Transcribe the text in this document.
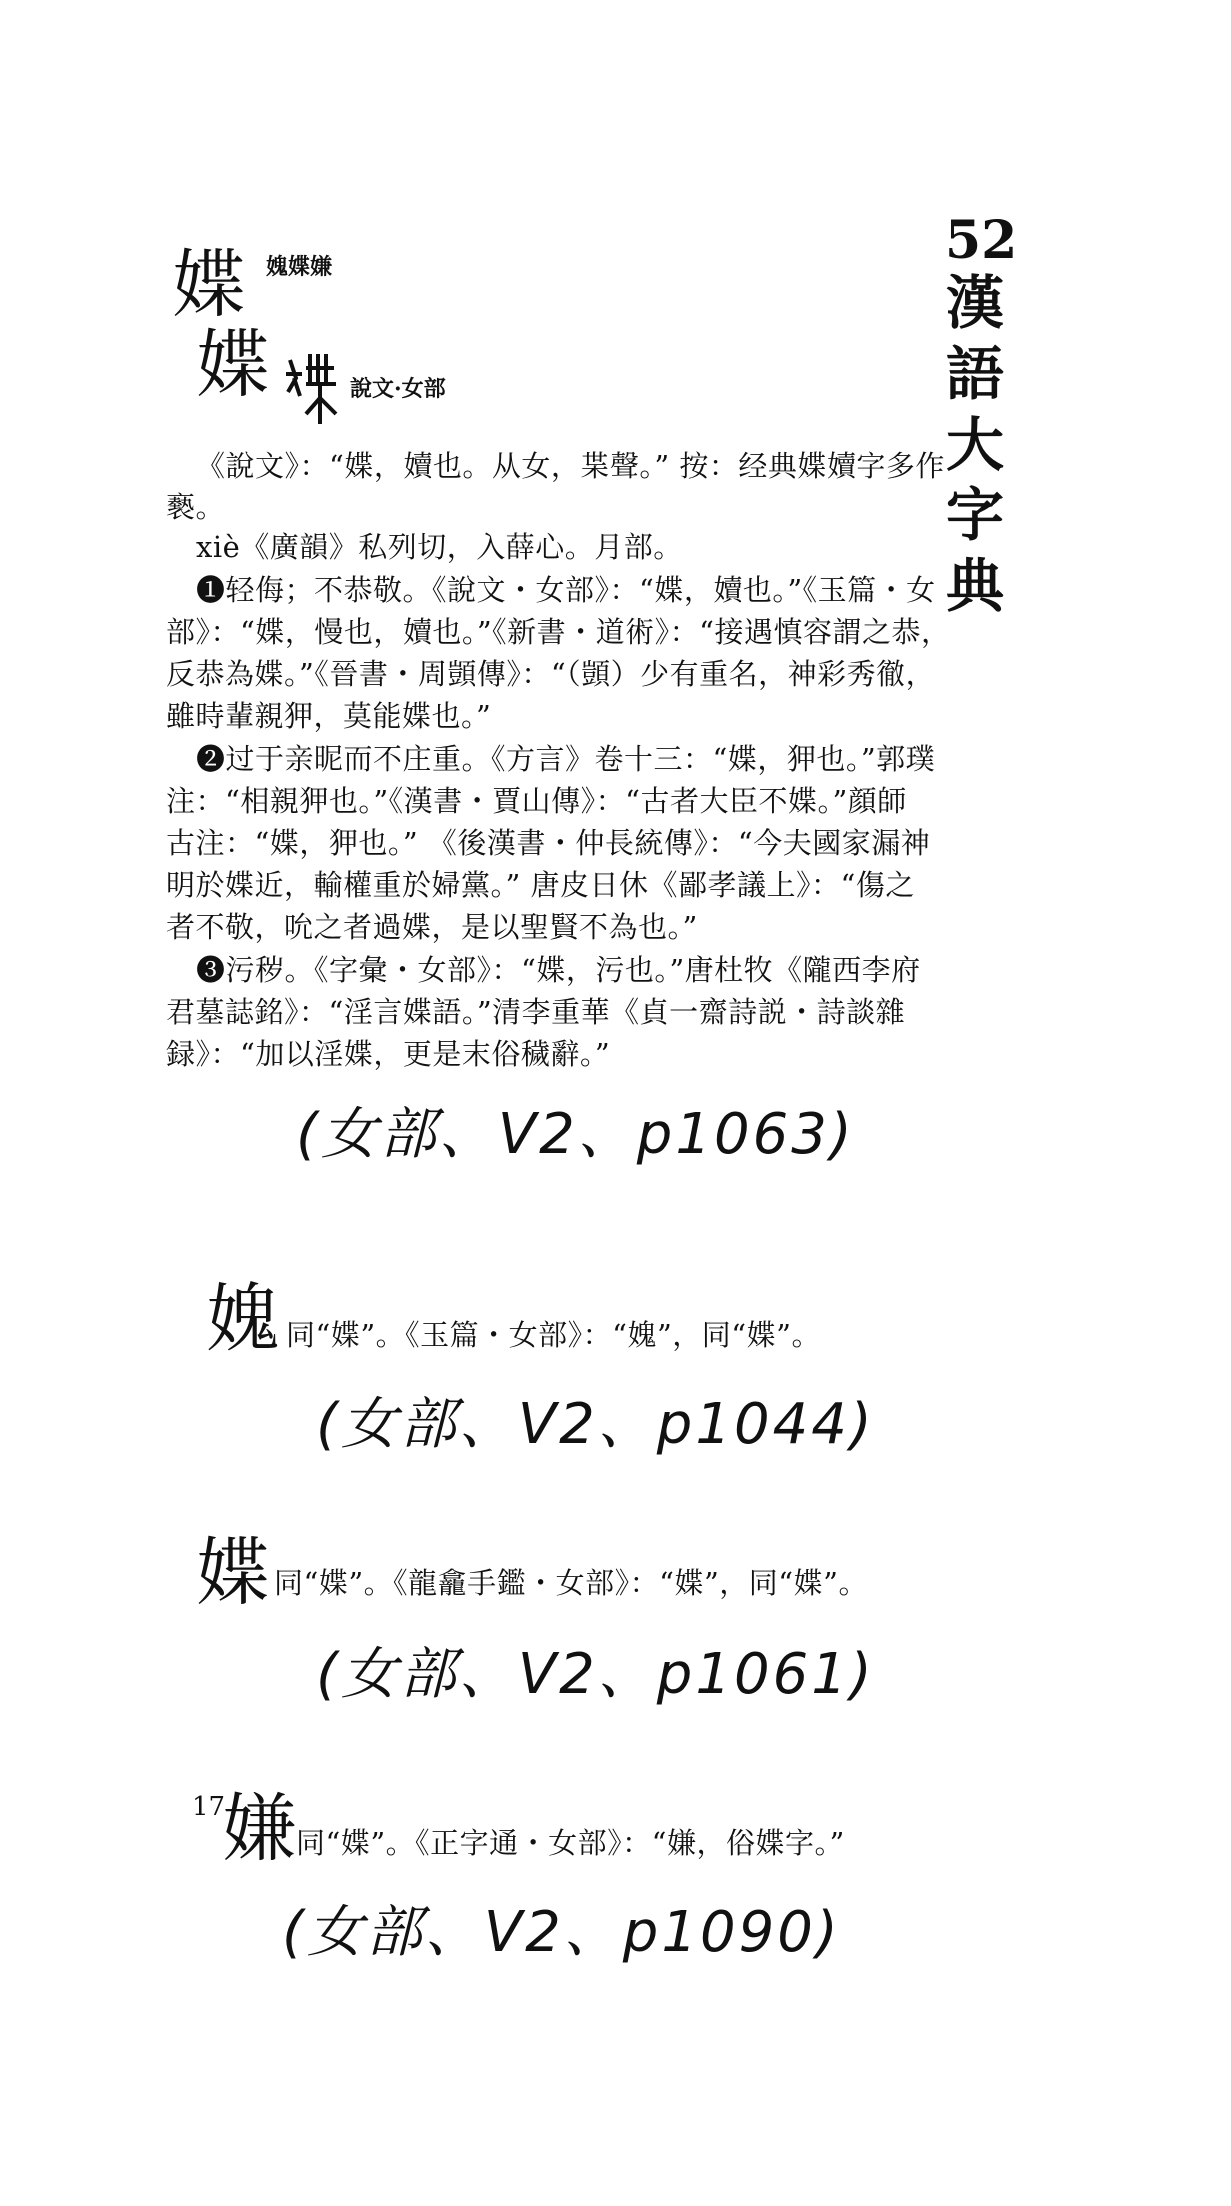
52
漢
語
大
字
典
媟 媿媟嫌
媟	說文·女部
《說文》：“媟，嬻也。从女，枼聲。” 按：经典媟嬻字多作
褻。
xiè《廣韻》私列切，入薛心。月部。
❶轻侮；不恭敬。《說文・女部》：“媟，嬻也。”《玉篇・女
部》：“媟，慢也，嬻也。”《新書・道術》：“接遇慎容謂之恭，
反恭為媟。”《晉書・周顗傳》：“（顗）少有重名，神彩秀徹，
雖時輩親狎，莫能媟也。”
❷过于亲昵而不庄重。《方言》卷十三：“媟，狎也。”郭璞
注：“相親狎也。”《漢書・賈山傳》：“古者大臣不媟。”顔師
古注：“媟，狎也。” 《後漢書・仲長統傳》：“今夫國家漏神
明於媟近，輸權重於婦黨。” 唐皮日休《鄙孝議上》：“傷之
者不敬，吮之者過媟，是以聖賢不為也。”
❸污秽。《字彙・女部》：“媟，污也。”唐杜牧《隴西李府
君墓誌銘》：“淫言媟語。”清李重華《貞一齋詩説・詩談雜
録》：“加以淫媟，更是末俗穢辭。”
(女部、V2、p1063)
媿 同“媟”。《玉篇・女部》：“媿”，同“媟”。
(女部、V2、p1044)
媟 同“媟”。《龍龕手鑑・女部》：“媟”，同“媟”。
(女部、V2、p1061)
17
嫌 同“媟”。《正字通・女部》：“嫌，俗媟字。”
(女部、V2、p1090)
